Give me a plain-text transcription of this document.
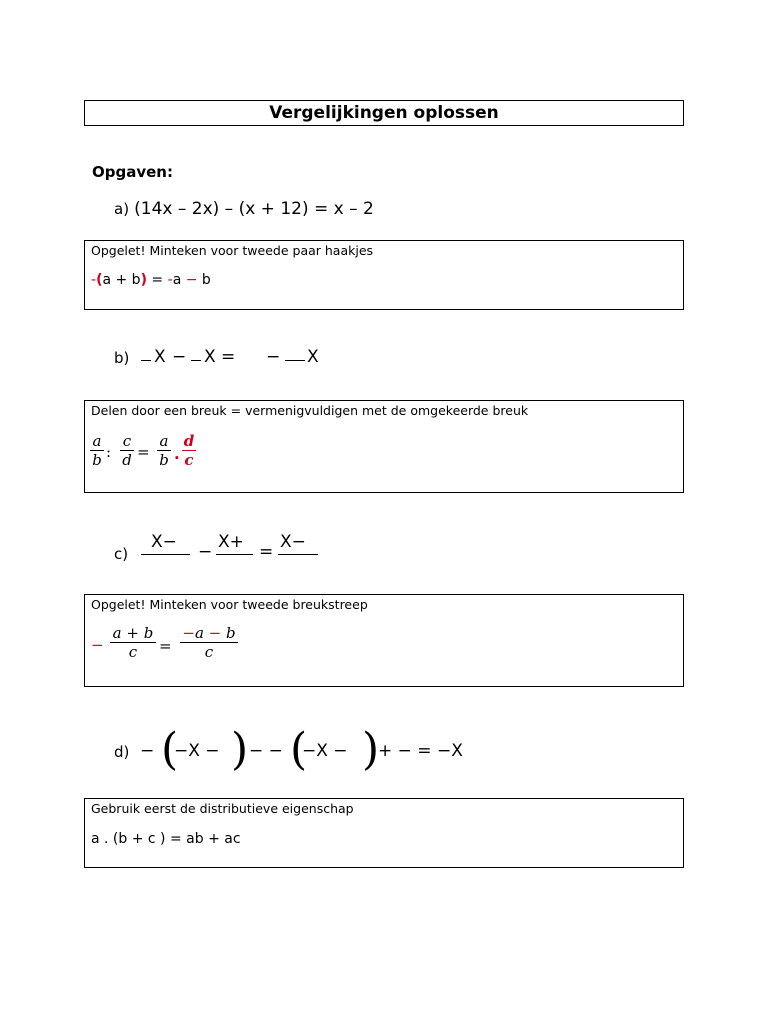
Vergelijkingen oplossen
Opgaven:
a) (14x – 2x) – (x + 12) = x – 2
Opgelet! Minteken voor tweede paar haakjes
-(a + b) = -a − b
b) X − X = − X
Delen door een breuk = vermenigvuldigen met de omgekeerde breuk
a
b :
c
d =
a
b .
d
c
c)
X− − X+ = X−
Opgelet! Minteken voor tweede breukstreep
−
a + b
c	=
−a − b
c
d) − (
−X − ) − − (
−X − )
+ − = −X
Gebruik eerst de distributieve eigenschap
a . (b + c ) = ab + ac
